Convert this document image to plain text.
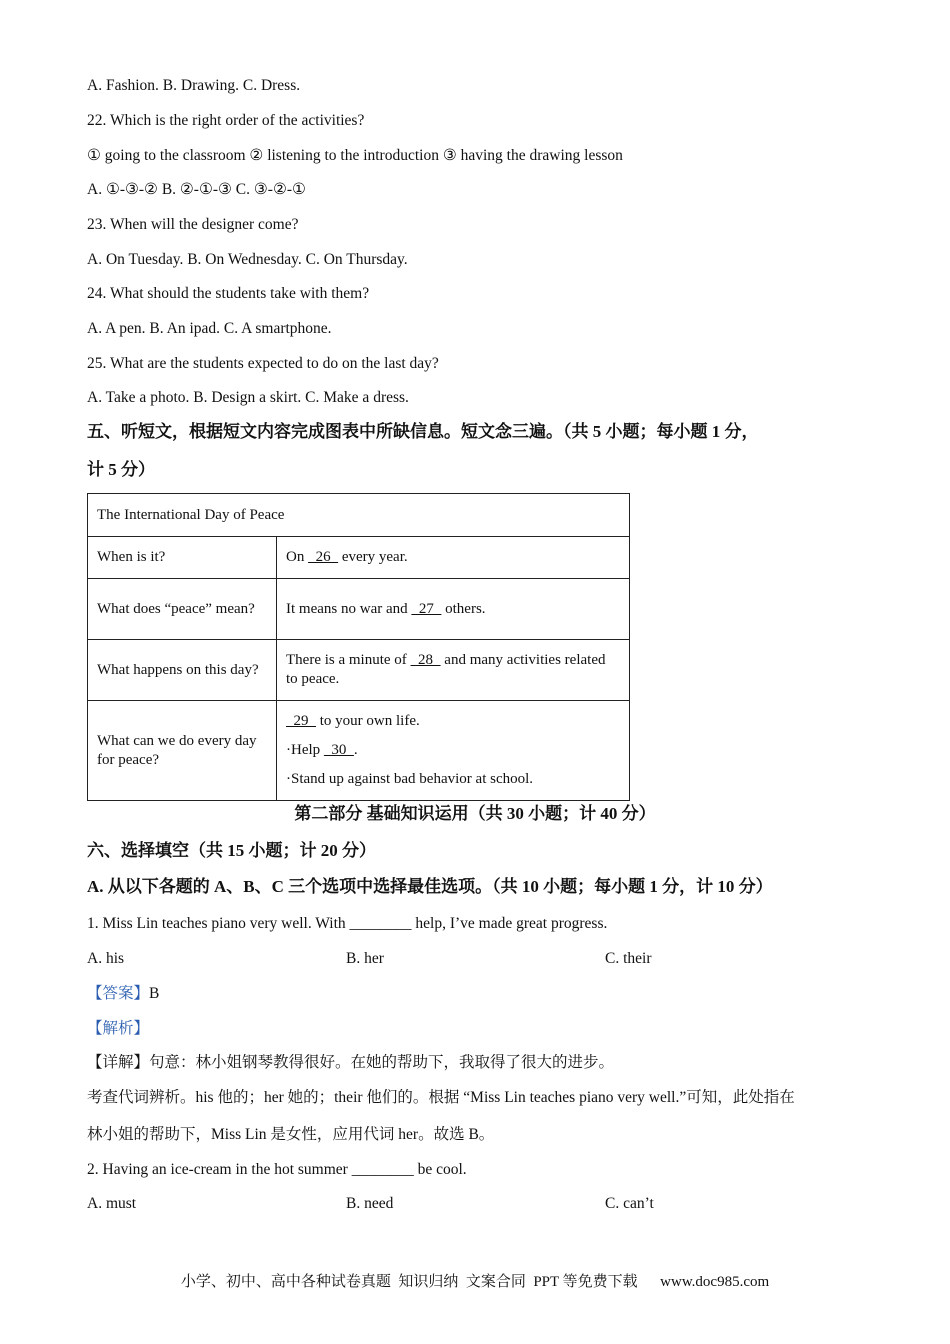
A. Fashion. B. Drawing. C. Dress.
22. Which is the right order of the activities?
① going to the classroom ② listening to the introduction ③ having the drawing lesson
A. ①-③-② B. ②-①-③ C. ③-②-①
23. When will the designer come?
A. On Tuesday. B. On Wednesday. C. On Thursday.
24. What should the students take with them?
A. A pen. B. An ipad. C. A smartphone.
25. What are the students expected to do on the last day?
A. Take a photo. B. Design a skirt. C. Make a dress.
五、听短文，根据短文内容完成图表中所缺信息。短文念三遍。（共 5 小题；每小题 1 分，
计 5 分）
The International Day of Peace	
When is it?	On   26   every year.
What does “peace” mean?	It means no war and   27   others.
What happens on this day?	There is a minute of   28   and many activities related to peace.
What can we do every day for peace?	29   to your own life.
·Help   30  .
·Stand up against bad behavior at school.
第二部分 基础知识运用（共 30 小题；计 40 分）
六、选择填空（共 15 小题；计 20 分）
A. 从以下各题的 A、B、C 三个选项中选择最佳选项。（共 10 小题；每小题 1 分，计 10 分）
1. Miss Lin teaches piano very well. With ________ help, I’ve made great progress.
A. his	B. her	C. their
【答案】B
【解析】
【详解】句意：林小姐钢琴教得很好。在她的帮助下，我取得了很大的进步。
考查代词辨析。his 他的；her 她的；their 他们的。根据 “Miss Lin teaches piano very well.”可知，此处指在
林小姐的帮助下，Miss Lin 是女性，应用代词 her。故选 B。
2. Having an ice-cream in the hot summer ________ be cool.
A. must	B. need	C. can’t
小学、初中、高中各种试卷真题  知识归纳  文案合同  PPT 等免费下载      www.doc985.com
